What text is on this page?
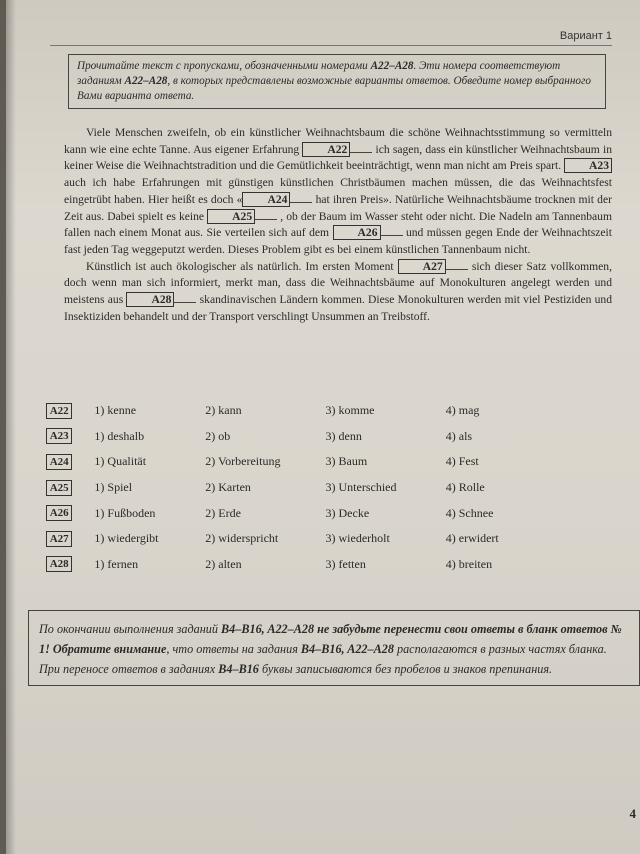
Вариант 1
Прочитайте текст с пропусками, обозначенными номерами A22–A28. Эти номера соответствуют заданиям A22–A28, в которых представлены возможные варианты ответов. Обведите номер выбранного Вами варианта ответа.

Viele Menschen zweifeln, ob ein künstlicher Weihnachtsbaum die schöne Weihnachtsstimmung so vermitteln kann wie eine echte Tanne. Aus eigener Erfahrung A22 ich sagen, dass ein künstlicher Weihnachtsbaum in keiner Weise die Weihnachtstradition und die Gemütlichkeit beeinträchtigt, wenn man nicht am Preis spart. A23 auch ich habe Erfahrungen mit günstigen künstlichen Christbäumen machen müssen, die das Weihnachtsfest eingetrübt haben. Hier heißt es doch « A24 hat ihren Preis». Natürliche Weihnachtsbäume trocknen mit der Zeit aus. Dabei spielt es keine A25 , ob der Baum im Wasser steht oder nicht. Die Nadeln am Tannenbaum fallen nach einem Monat aus. Sie verteilen sich auf dem A26 und müssen gegen Ende der Weihnachtszeit fast jeden Tag weggeputzt werden. Dieses Problem gibt es bei einem künstlichen Tannenbaum nicht.

Künstlich ist auch ökologischer als natürlich. Im ersten Moment A27 sich dieser Satz vollkommen, doch wenn man sich informiert, merkt man, dass die Weihnachtsbäume auf Monokulturen angelegt werden und meistens aus A28 skandinavischen Ländern kommen. Diese Monokulturen werden mit viel Pestiziden und Insektiziden behandelt und der Transport verschlingt Unsummen an Treibstoff.

A22	1) kenne	2) kann	3) komme	4) mag
A23	1) deshalb	2) ob	3) denn	4) als
A24	1) Qualität	2) Vorbereitung	3) Baum	4) Fest
A25	1) Spiel	2) Karten	3) Unterschied	4) Rolle
A26	1) Fußboden	2) Erde	3) Decke	4) Schnee
A27	1) wiedergibt	2) widerspricht	3) wiederholt	4) erwidert
A28	1) fernen	2) alten	3) fetten	4) breiten
По окончании выполнения заданий B4–B16, A22–A28 не забудьте перенести свои ответы в бланк ответов № 1! Обратите внимание, что ответы на задания B4–B16, A22–A28 располагаются в разных частях бланка. При переносе ответов в заданиях B4–B16 буквы записываются без пробелов и знаков препинания.
4
